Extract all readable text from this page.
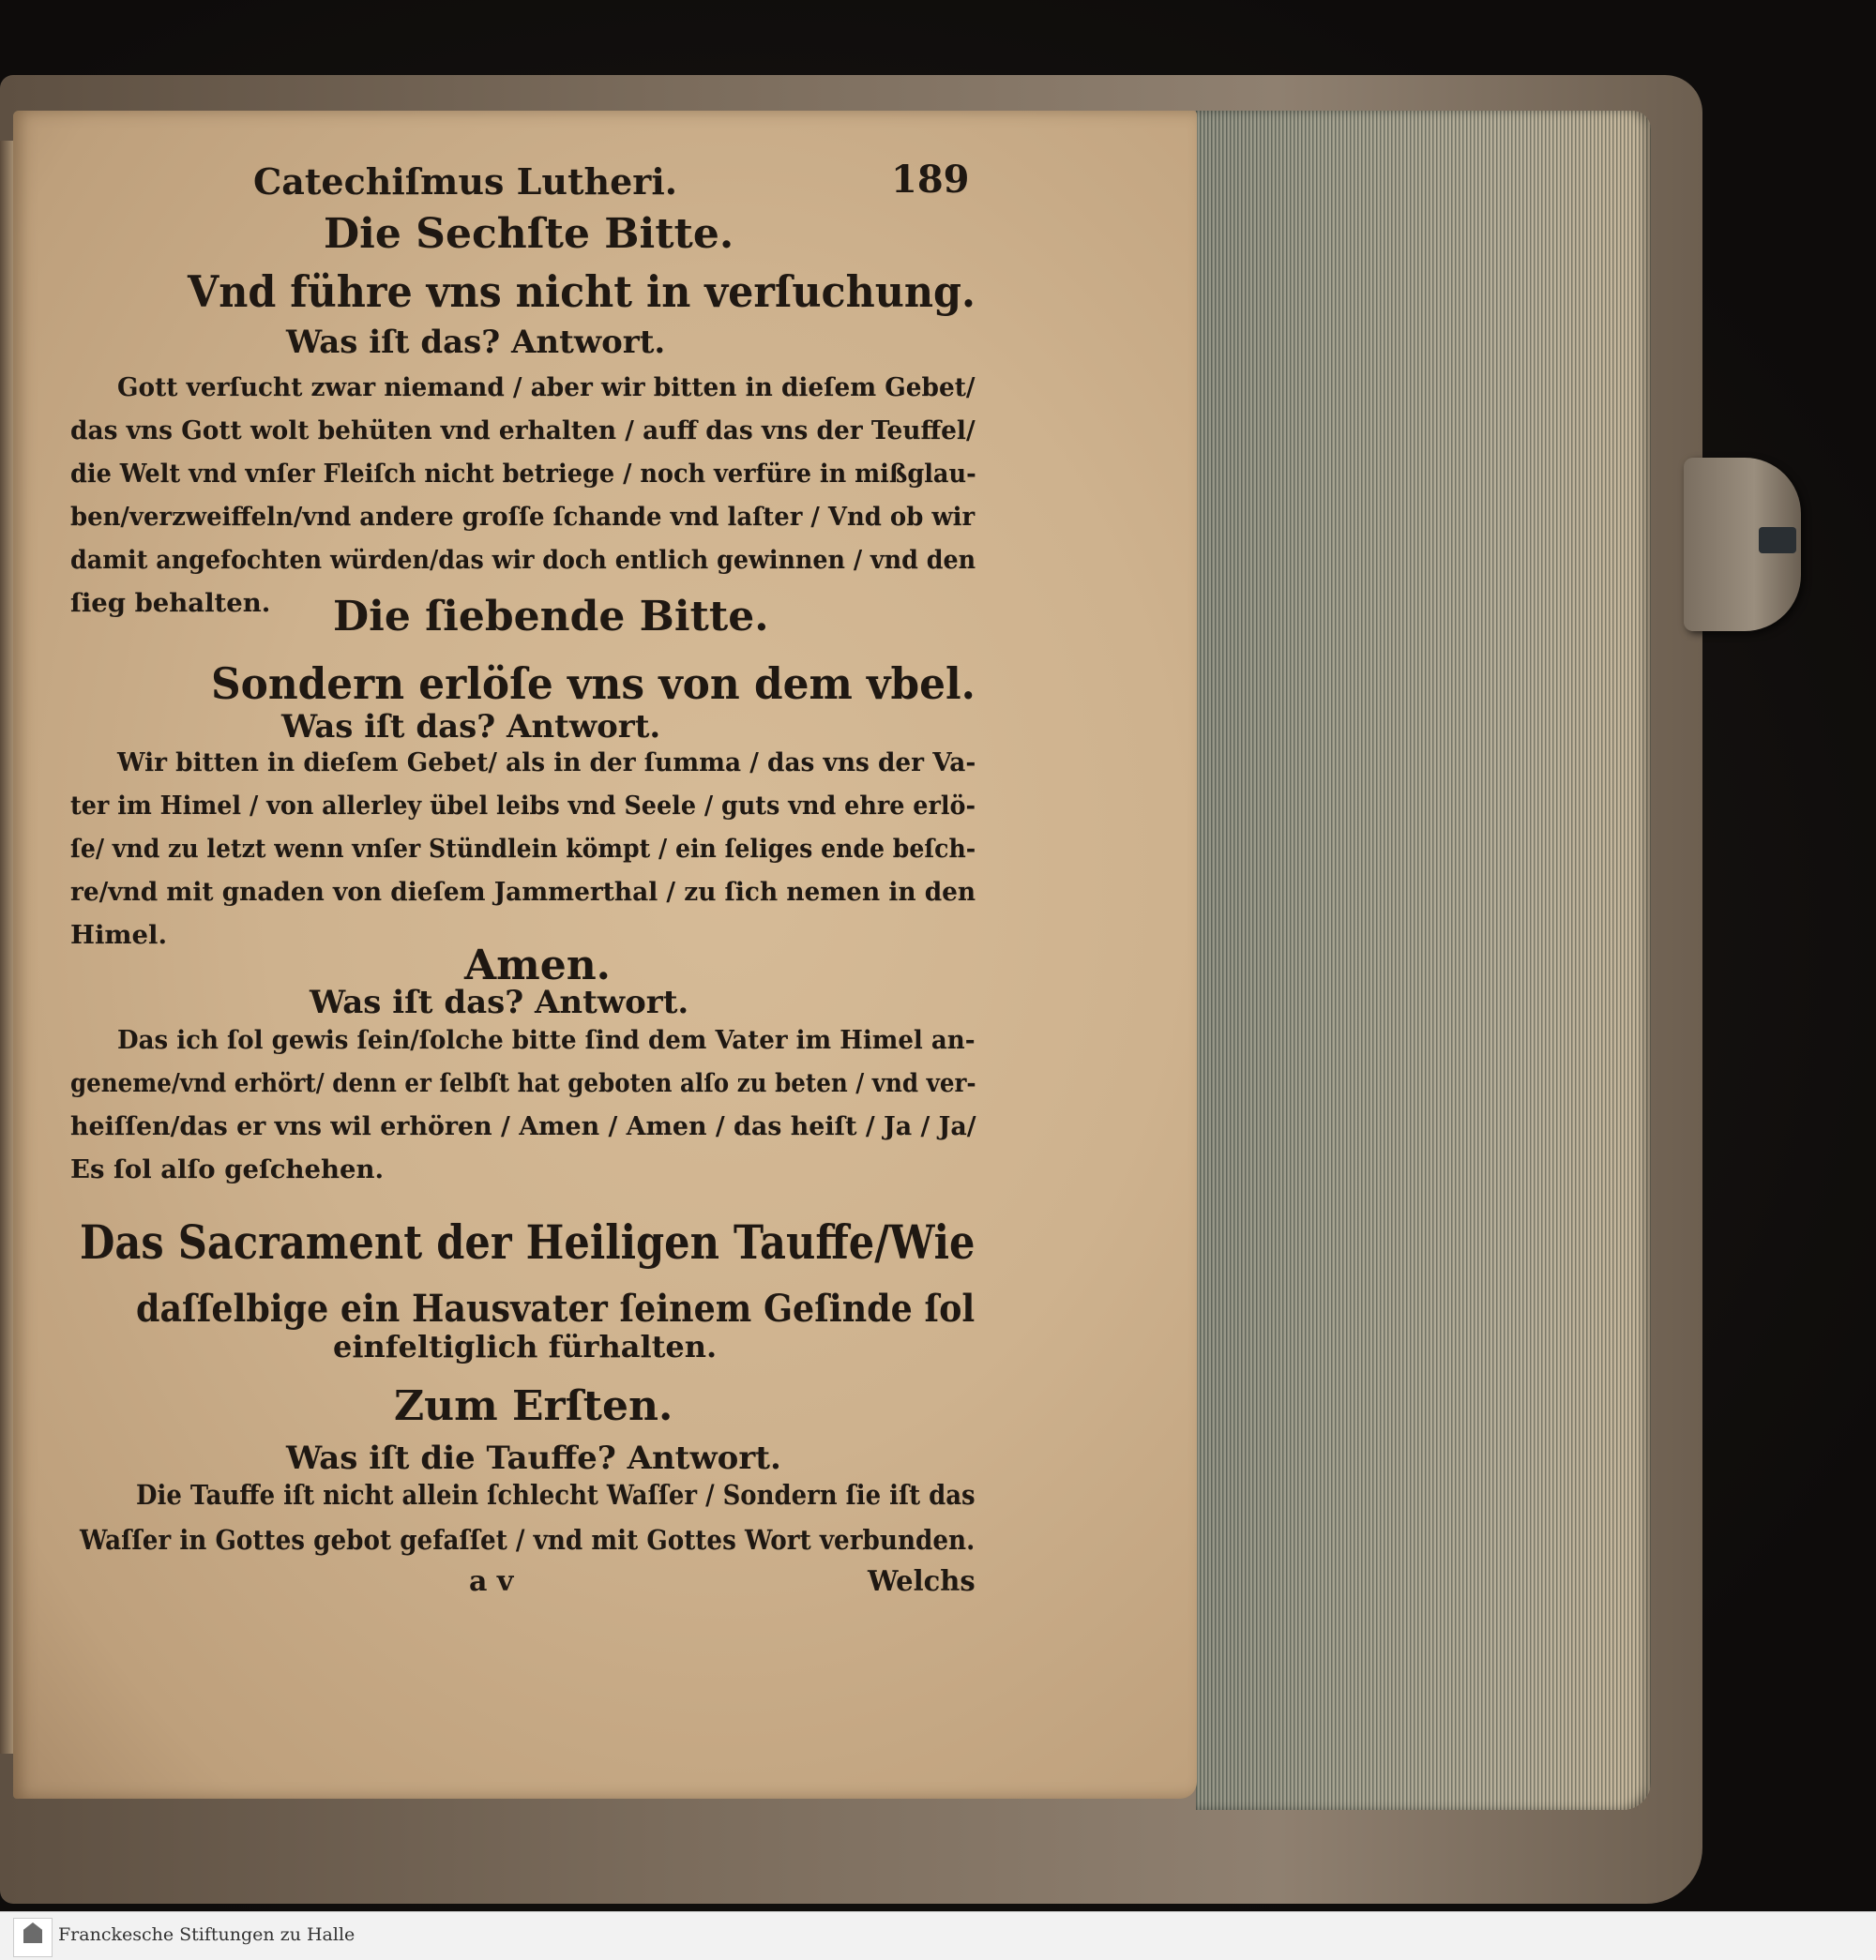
Catechiſmus Lutheri.	189
Die Sechſte Bitte.
Vnd führe vns nicht in verſuchung.
Was iſt das? Antwort.
Gott verſucht zwar niemand / aber wir bitten in dieſem Gebet/
das vns Gott wolt behüten vnd erhalten / auff das vns der Teuffel/
die Welt vnd vnſer Fleiſch nicht betriege / noch verfüre in mißglau-
ben/verzweiffeln/vnd andere groſſe ſchande vnd laſter / Vnd ob wir
damit angefochten würden/das wir doch entlich gewinnen / vnd den
ſieg behalten. Die ſiebende Bitte.
Sondern erlöſe vns von dem vbel.
Was iſt das? Antwort.
Wir bitten in dieſem Gebet/ als in der ſumma / das vns der Va-
ter im Himel / von allerley übel leibs vnd Seele / guts vnd ehre erlö-
ſe/ vnd zu letzt wenn vnſer Stündlein kömpt / ein ſeliges ende beſch-
re/vnd mit gnaden von dieſem Jammerthal / zu ſich nemen in den
Himel.
Amen.
Was iſt das? Antwort.
Das ich ſol gewis ſein/ſolche bitte ſind dem Vater im Himel an-
geneme/vnd erhört/ denn er ſelbſt hat geboten alſo zu beten / vnd ver-
heiſſen/das er vns wil erhören / Amen / Amen / das heiſt / Ja / Ja/
Es ſol alſo geſchehen.
Das Sacrament der Heiligen Tauffe/Wie
daſſelbige ein Hausvater ſeinem Geſinde ſol
einfeltiglich fürhalten.
Zum Erſten.
Was iſt die Tauffe? Antwort.
Die Tauffe iſt nicht allein ſchlecht Waſſer / Sondern ſie iſt das
Waſſer in Gottes gebot gefaſſet / vnd mit Gottes Wort verbunden.
a v	Welchs
Franckesche Stiftungen zu Halle
